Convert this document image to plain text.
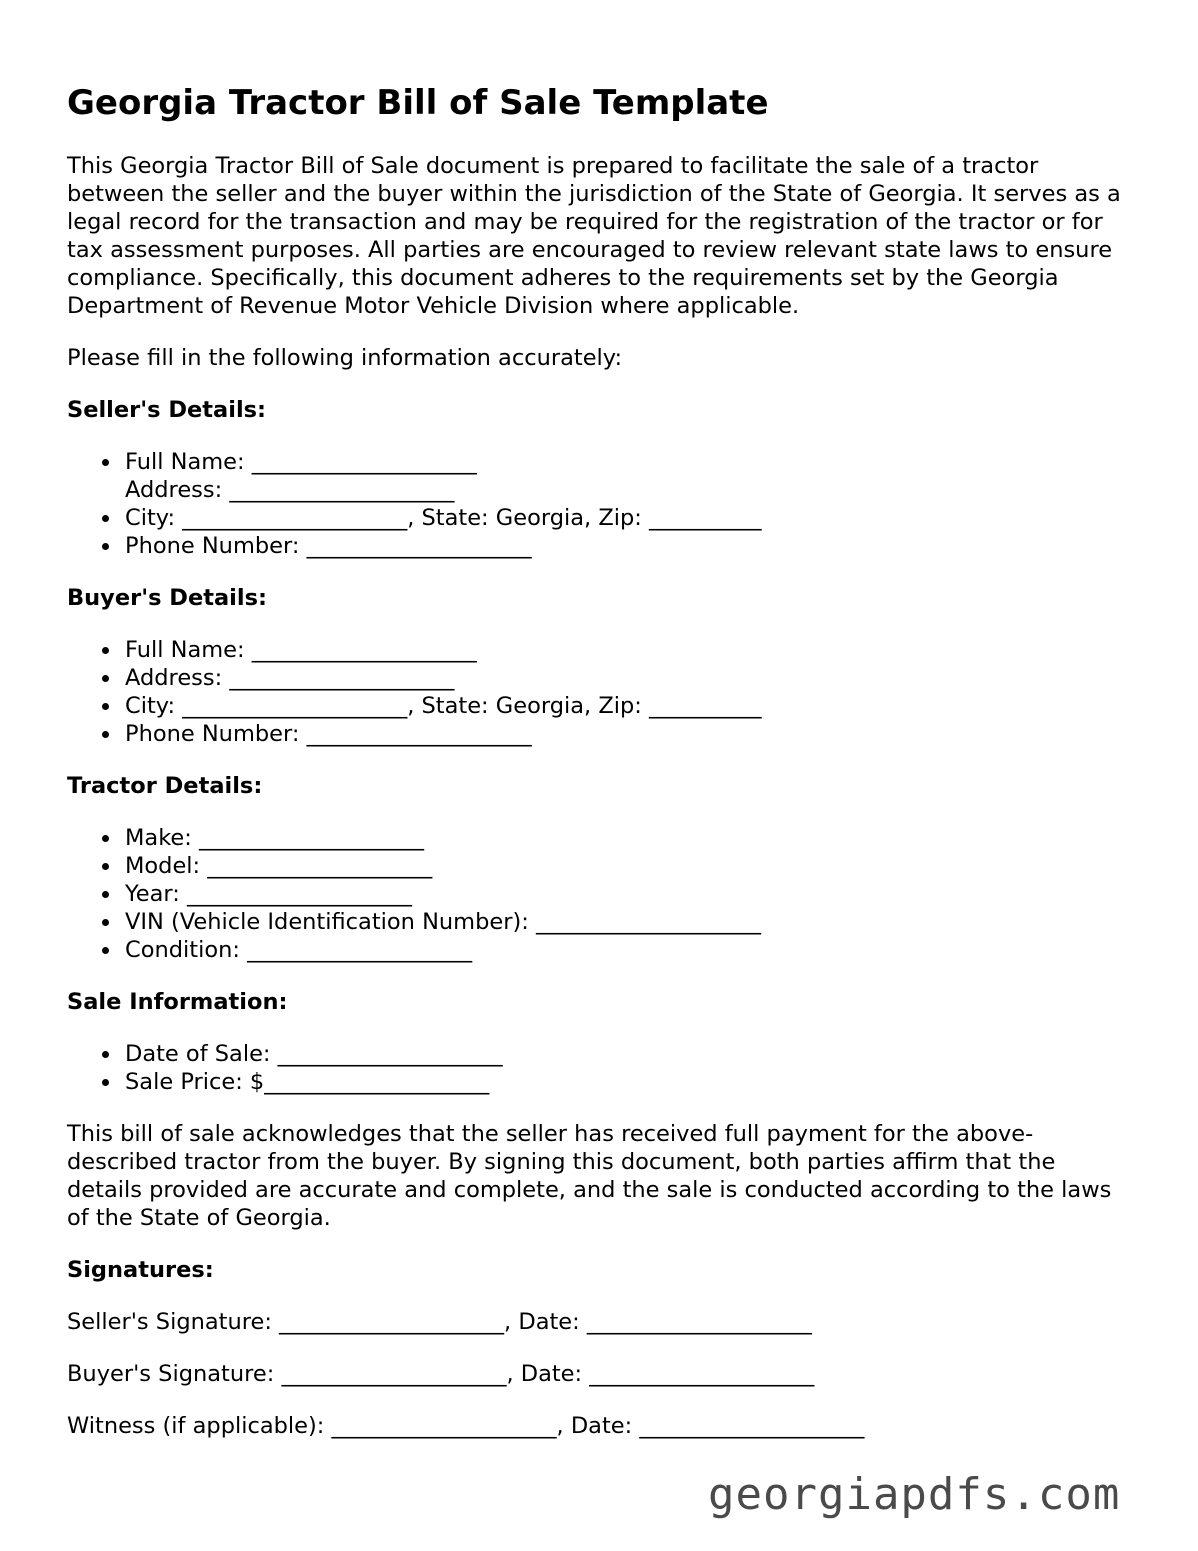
Georgia Tractor Bill of Sale Template

This Georgia Tractor Bill of Sale document is prepared to facilitate the sale of a tractor between the seller and the buyer within the jurisdiction of the State of Georgia. It serves as a legal record for the transaction and may be required for the registration of the tractor or for tax assessment purposes. All parties are encouraged to review relevant state laws to ensure compliance. Specifically, this document adheres to the requirements set by the Georgia Department of Revenue Motor Vehicle Division where applicable.

Please fill in the following information accurately:

Seller's Details:
Full Name: ____________________
Address: ____________________
City: ____________________, State: Georgia, Zip: __________
Phone Number: ____________________
Buyer's Details:
Full Name: ____________________
Address: ____________________
City: ____________________, State: Georgia, Zip: __________
Phone Number: ____________________
Tractor Details:
Make: ____________________
Model: ____________________
Year: ____________________
VIN (Vehicle Identification Number): ____________________
Condition: ____________________
Sale Information:
Date of Sale: ____________________
Sale Price: $____________________

This bill of sale acknowledges that the seller has received full payment for the above-described tractor from the buyer. By signing this document, both parties affirm that the details provided are accurate and complete, and the sale is conducted according to the laws of the State of Georgia.

Signatures:
Seller's Signature: ____________________, Date: ____________________
Buyer's Signature: ____________________, Date: ____________________
Witness (if applicable): ____________________, Date: ____________________
georgiapdfs.com
